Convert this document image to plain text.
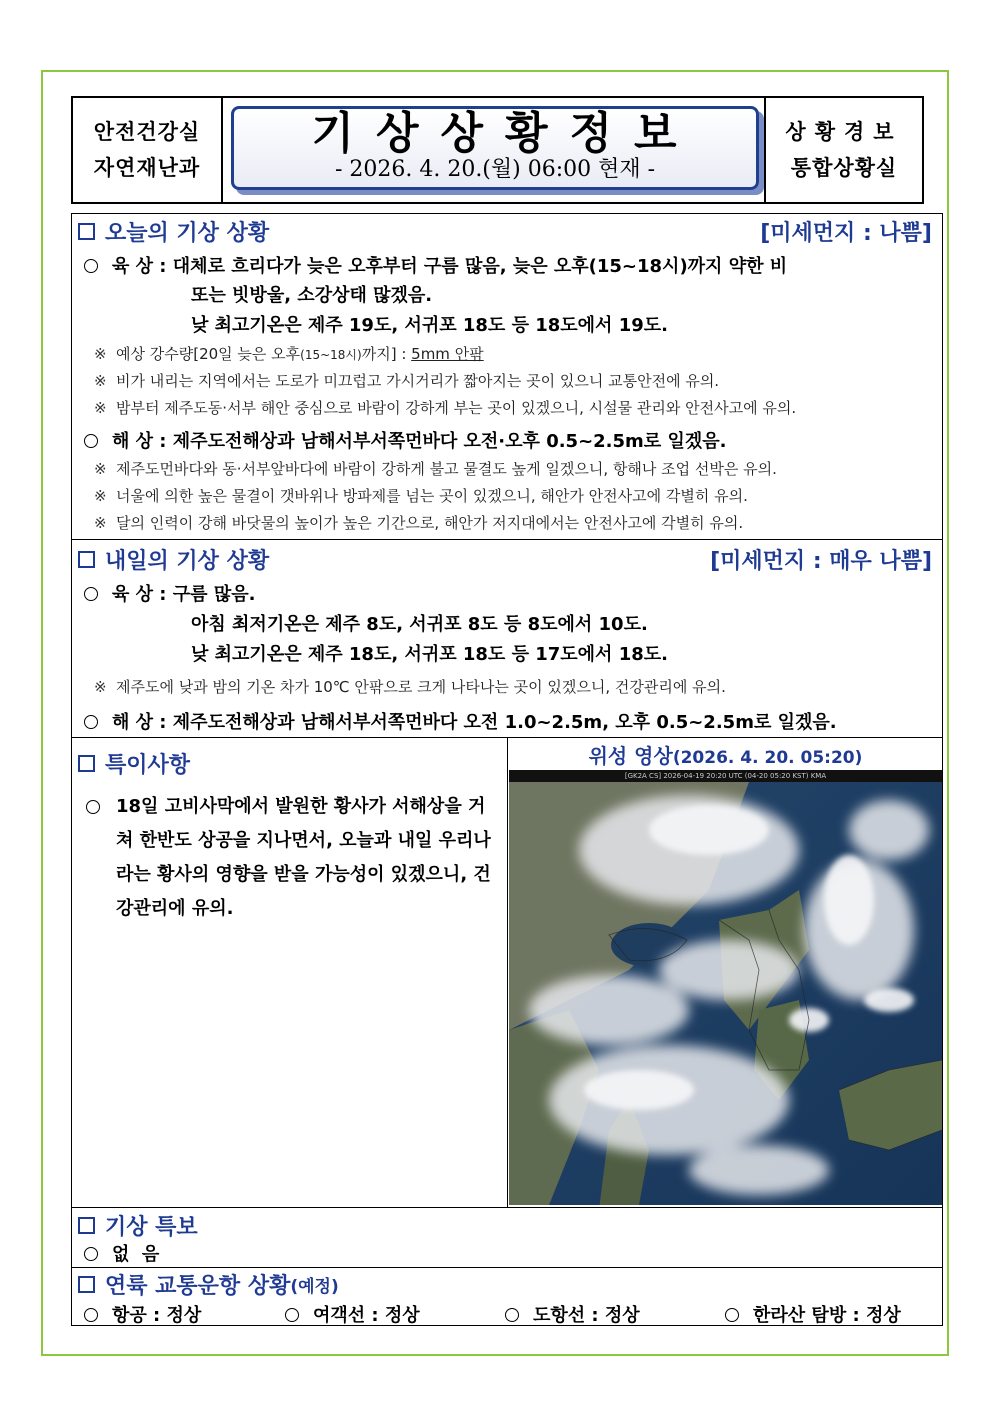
안전건강실
자연재난과
기상상황정보
- 2026. 4. 20.(월) 06:00 현재 -
상황경보
통합상황실
오늘의 기상 상황	[미세먼지 : 나쁨]
육 상 : 대체로 흐리다가 늦은 오후부터 구름 많음, 늦은 오후(15~18시)까지 약한 비
또는 빗방울, 소강상태 많겠음.
낮 최고기온은 제주 19도, 서귀포 18도 등 18도에서 19도.
※ 예상 강수량[20일 늦은 오후(15~18시)까지] : 5mm 안팎
※ 비가 내리는 지역에서는 도로가 미끄럽고 가시거리가 짧아지는 곳이 있으니 교통안전에 유의.
※ 밤부터 제주도동·서부 해안 중심으로 바람이 강하게 부는 곳이 있겠으니, 시설물 관리와 안전사고에 유의.
해 상 : 제주도전해상과 남해서부서쪽먼바다 오전·오후 0.5~2.5m로 일겠음.
※ 제주도먼바다와 동·서부앞바다에 바람이 강하게 불고 물결도 높게 일겠으니, 항해나 조업 선박은 유의.
※ 너울에 의한 높은 물결이 갯바위나 방파제를 넘는 곳이 있겠으니, 해안가 안전사고에 각별히 유의.
※ 달의 인력이 강해 바닷물의 높이가 높은 기간으로, 해안가 저지대에서는 안전사고에 각별히 유의.
내일의 기상 상황	[미세먼지 : 매우 나쁨]
육 상 : 구름 많음.
아침 최저기온은 제주 8도, 서귀포 8도 등 8도에서 10도.
낮 최고기온은 제주 18도, 서귀포 18도 등 17도에서 18도.
※ 제주도에 낮과 밤의 기온 차가 10℃ 안팎으로 크게 나타나는 곳이 있겠으니, 건강관리에 유의.
해 상 : 제주도전해상과 남해서부서쪽먼바다 오전 1.0~2.5m, 오후 0.5~2.5m로 일겠음.
특이사항
18일 고비사막에서 발원한 황사가 서해상을 거쳐 한반도 상공을 지나면서, 오늘과 내일 우리나라는 황사의 영향을 받을 가능성이 있겠으니, 건강관리에 유의.
위성 영상(2026. 4. 20. 05:20)
[GK2A CS] 2026-04-19 20:20 UTC (04-20 05:20 KST) KMA
기상 특보
없  음
연륙 교통운항 상황 (예정)
항공 : 정상	여객선 : 정상	도항선 : 정상	한라산 탐방 : 정상
